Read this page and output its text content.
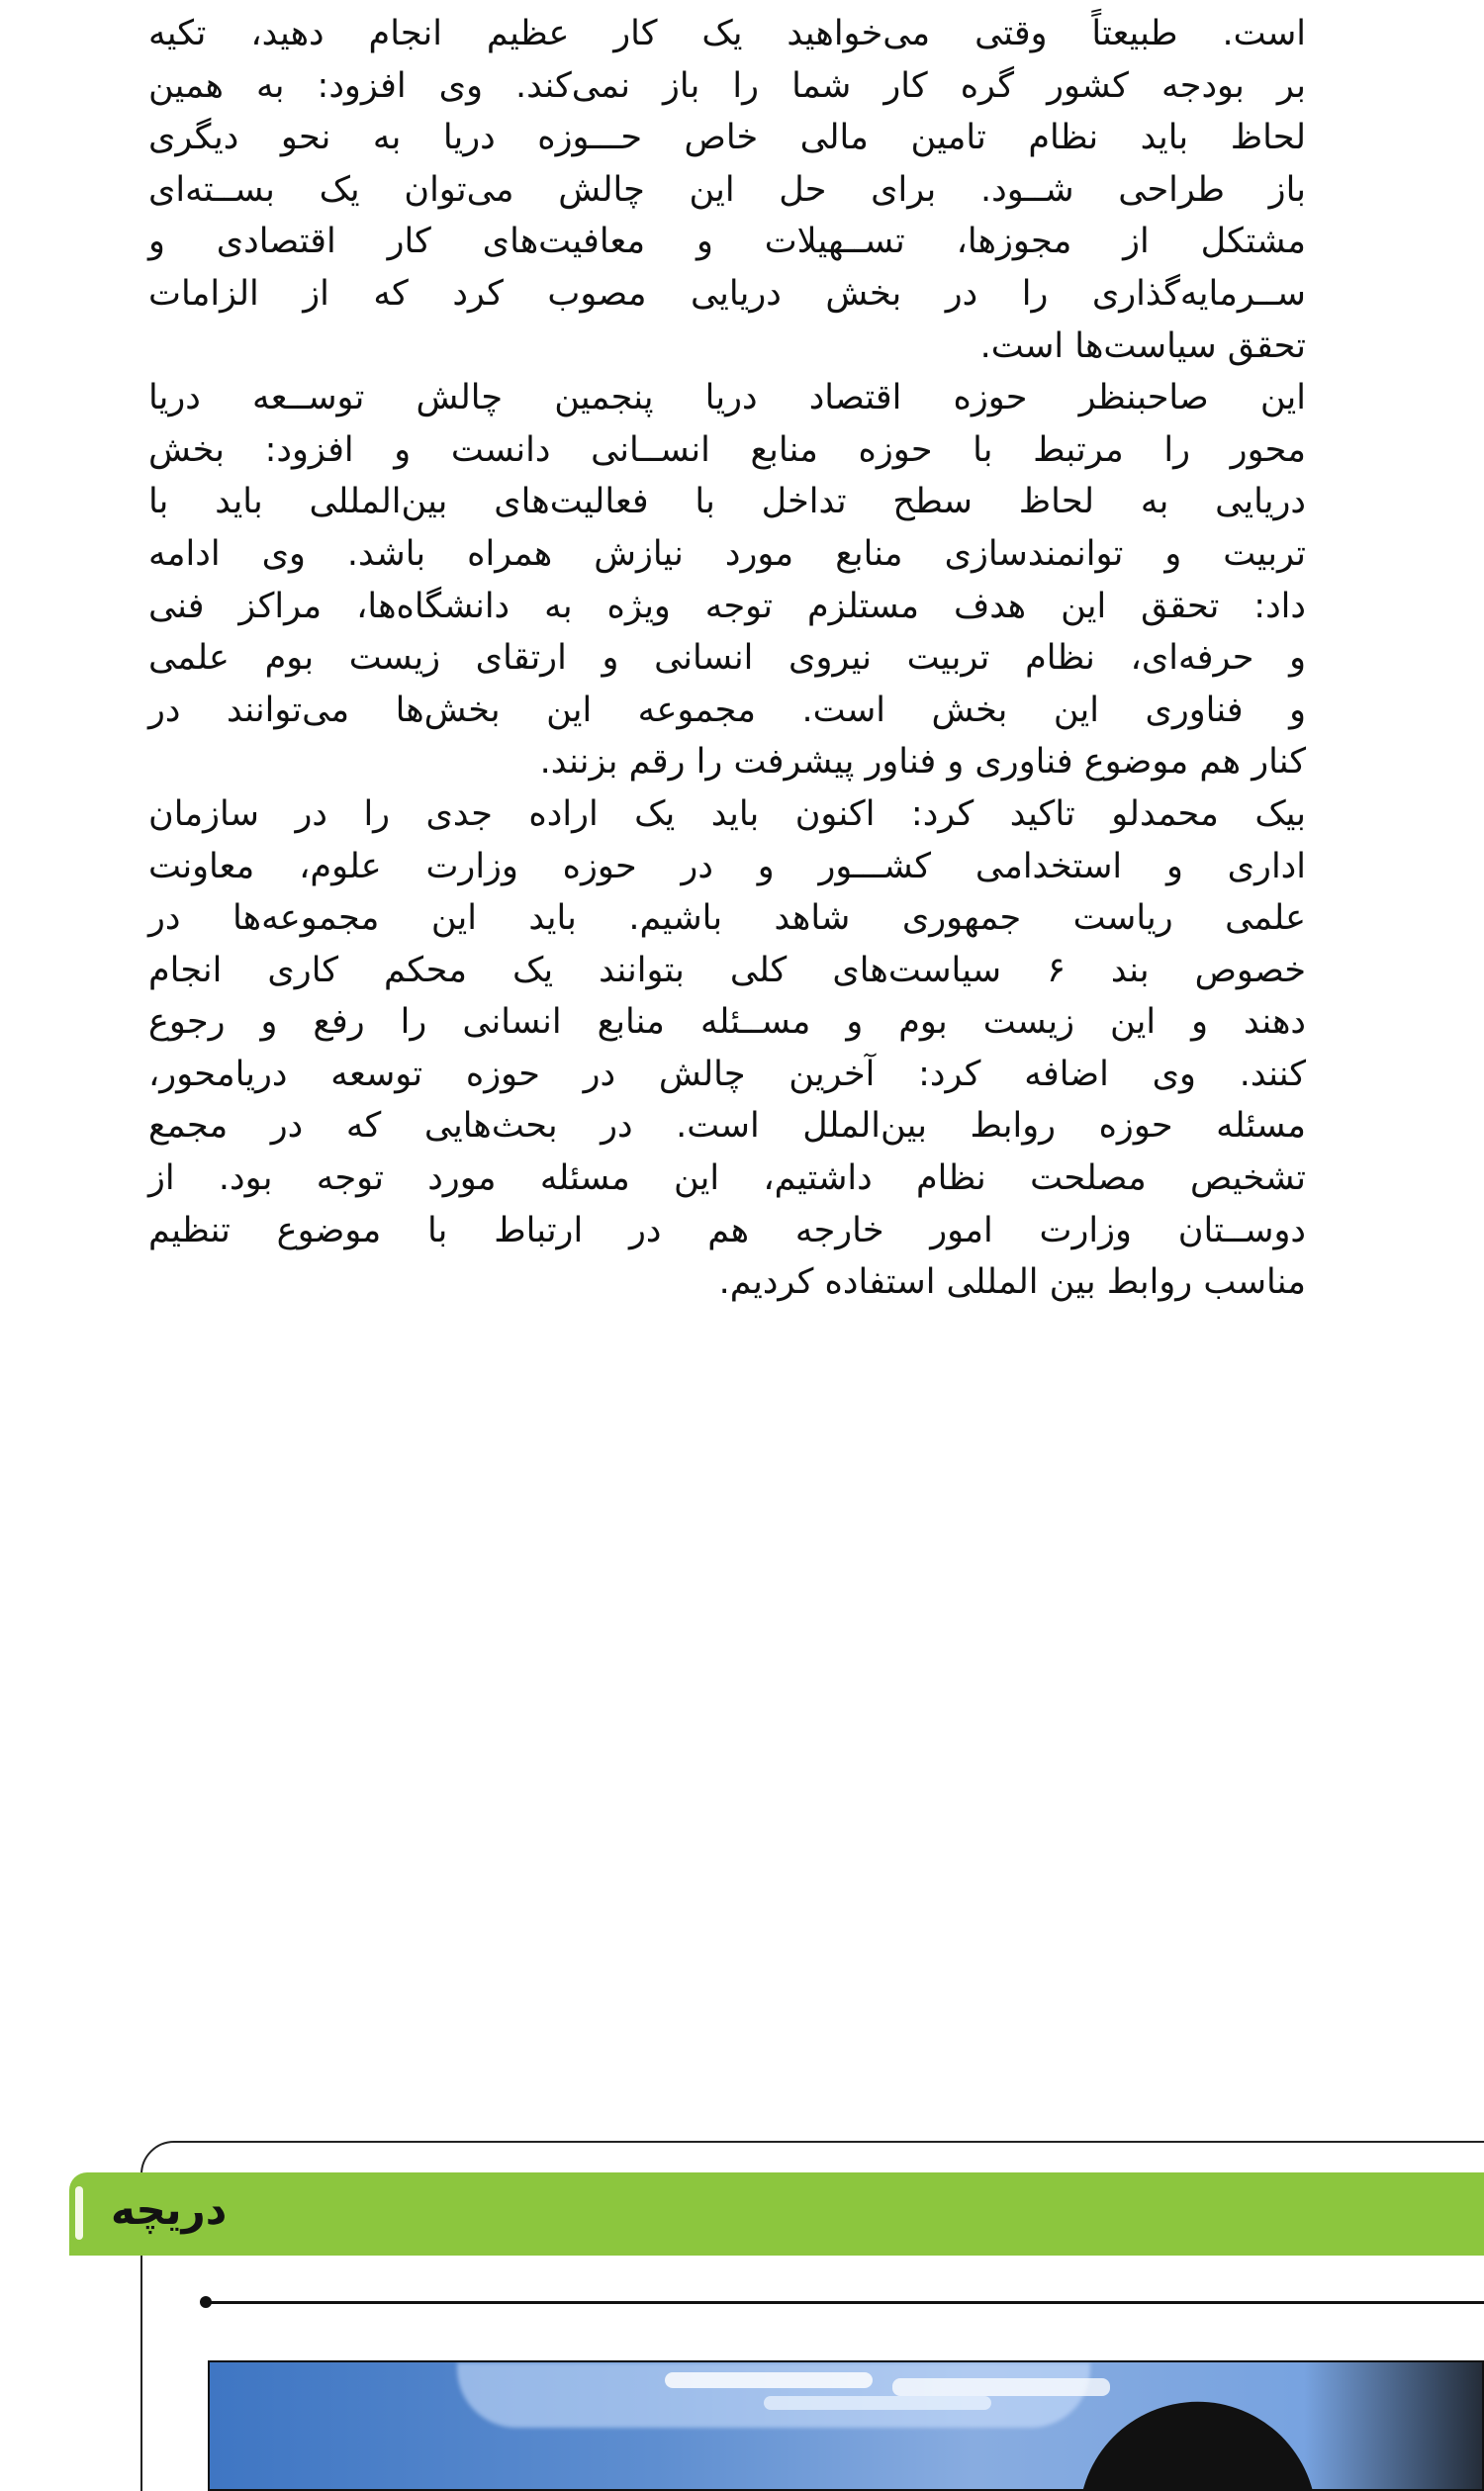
است. طبیعتاً وقتی می‌خواهید یک کار عظیم انجام دهید، تکیه
بر بودجه کشور گره کار شما را باز نمی‌کند. وی افزود: به همین
لحاظ باید نظام تامین مالی خاص حـــوزه دریا به نحو دیگری
باز طراحی شــود. برای حل این چالش می‌توان یک بســته‌ای
مشتکل از مجوزها، تســهیلات و معافیت‌های کار اقتصادی و
ســرمایه‌گذاری را در بخش دریایی مصوب کرد که از الزامات
تحقق سیاست‌ها است.
این صاحبنظر حوزه اقتصاد دریا پنجمین چالش توســعه دریا
محور را مرتبط با حوزه منابع انســانی دانست و افزود: بخش
دریایی به لحاظ سطح تداخل با فعالیت‌های بین‌المللی باید با
تربیت و توانمندسازی منابع مورد نیازش همراه باشد. وی ادامه
داد: تحقق این هدف مستلزم توجه ویژه به دانشگاه‌ها، مراکز فنی
و حرفه‌ای، نظام تربیت نیروی انسانی و ارتقای زیست بوم علمی
و فناوری این بخش است. مجموعه این بخش‌ها می‌توانند در
کنار هم موضوع فناوری و فناور پیشرفت را رقم بزنند.
بیک محمدلو تاکید کرد: اکنون باید یک اراده جدی را در سازمان
اداری و استخدامی کشـــور و در حوزه وزارت علوم، معاونت
علمی ریاست جمهوری شاهد باشیم. باید این مجموعه‌ها در
خصوص بند ۶ سیاست‌های کلی بتوانند یک محکم کاری انجام
دهند و این زیست بوم و مســئله منابع انسانی را رفع و رجوع
کنند. وی اضافه کرد: آخرین چالش در حوزه توسعه دریامحور،
مسئله حوزه روابط بین‌الملل است. در بحث‌هایی که در مجمع
تشخیص مصلحت نظام داشتیم، این مسئله مورد توجه بود. از
دوســتان وزارت امور خارجه هم در ارتباط با موضوع تنظیم
مناسب روابط بین المللی استفاده کردیم.
دریچه
